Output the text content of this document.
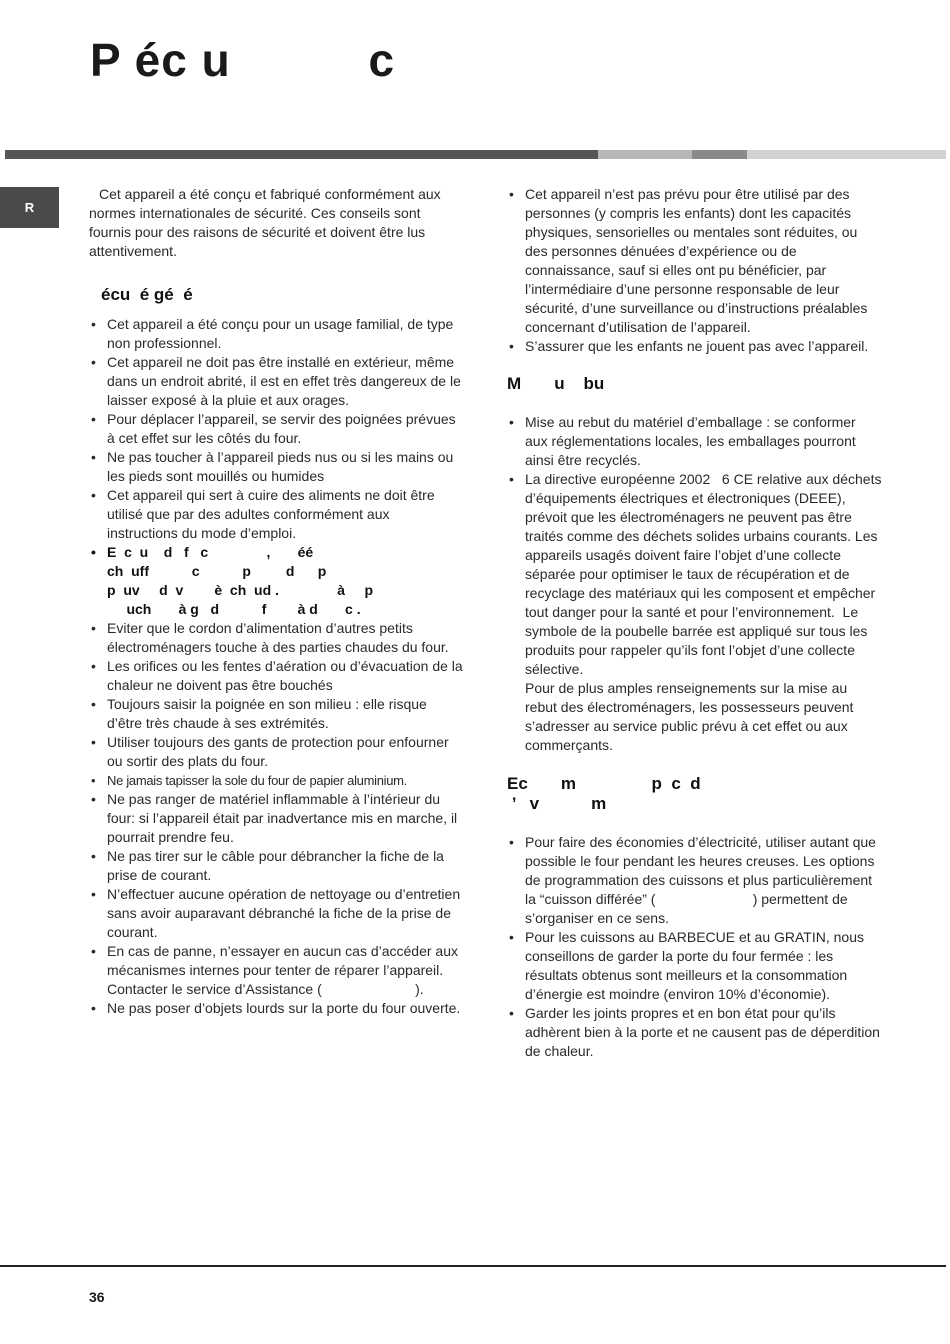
P éc u          c
R

Cet appareil a été conçu et fabriqué conformément aux normes internationales de sécurité. Ces conseils sont fournis pour des raisons de sécurité et doivent être lus attentivement.

écu  é gé  é
• Cet appareil a été conçu pour un usage familial, de type non professionnel.
• Cet appareil ne doit pas être installé en extérieur, même dans un endroit abrité, il est en effet très dangereux de le laisser exposé à la pluie et aux orages.
• Pour déplacer l’appareil, se servir des poignées prévues à cet effet sur les côtés du four.
• Ne pas toucher à l’appareil pieds nus ou si les mains ou les pieds sont mouillés ou humides
• Cet appareil qui sert à cuire des aliments ne doit être utilisé que par des adultes conformément aux instructions du mode d’emploi.
• E  c  u    d   f   c               ,       éé
ch  uff           c           p         d      p
p  uv     d  v        è  ch  ud .               à     p
uch       à g   d           f        à d       c .
• Eviter que le cordon d’alimentation d’autres petits électroménagers touche à des parties chaudes du four.
• Les orifices ou les fentes d’aération ou d’évacuation de la chaleur ne doivent pas être bouchés
• Toujours saisir la poignée en son milieu : elle risque d’être très chaude à ses extrémités.
• Utiliser toujours des gants de protection pour enfourner ou sortir des plats du four.
• Ne jamais tapisser la sole du four de papier aluminium.
• Ne pas ranger de matériel inflammable à l’intérieur du four: si l’appareil était par inadvertance mis en marche, il pourrait prendre feu.
• Ne pas tirer sur le câble pour débrancher la fiche de la prise de courant.
• N’effectuer aucune opération de nettoyage ou d’entretien sans avoir auparavant débranché la fiche de la prise de courant.
• En cas de panne, n’essayer en aucun cas d’accéder aux mécanismes internes pour tenter de réparer l’appareil. Contacter le service d’Assistance (                        ).
• Ne pas poser d’objets lourds sur la porte du four ouverte.
• Cet appareil n’est pas prévu pour être utilisé par des personnes (y compris les enfants) dont les capacités physiques, sensorielles ou mentales sont réduites, ou des personnes dénuées d’expérience ou de connaissance, sauf si elles ont pu bénéficier, par l’intermédiaire d’une personne responsable de leur sécurité, d’une surveillance ou d’instructions préalables concernant d’utilisation de l’appareil.
• S’assurer que les enfants ne jouent pas avec l’appareil.
M       u    bu
• Mise au rebut du matériel d’emballage : se conformer aux réglementations locales, les emballages pourront ainsi être recyclés.
• La directive européenne 2002   6 CE relative aux déchets d’équipements électriques et électroniques (DEEE), prévoit que les électroménagers ne peuvent pas être traités comme des déchets solides urbains courants. Les appareils usagés doivent faire l’objet d’une collecte séparée pour optimiser le taux de récupération et de recyclage des matériaux qui les composent et empêcher tout danger pour la santé et pour l’environnement.  Le symbole de la poubelle barrée est appliqué sur tous les produits pour rappeler qu’ils font l’objet d’une collecte sélective.

Pour de plus amples renseignements sur la mise au rebut des électroménagers, les possesseurs peuvent s’adresser au service public prévu à cet effet ou aux commerçants.

Ec       m                p  c  d
’   v           m
• Pour faire des économies d’électricité, utiliser autant que possible le four pendant les heures creuses. Les options de programmation des cuissons et plus particulièrement la “cuisson différée” (                         ) permettent de s’organiser en ce sens.
• Pour les cuissons au BARBECUE et au GRATIN, nous conseillons de garder la porte du four fermée : les résultats obtenus sont meilleurs et la consommation d’énergie est moindre (environ 10% d’économie).
• Garder les joints propres et en bon état pour qu’ils adhèrent bien à la porte et ne causent pas de déperdition de chaleur.
36
